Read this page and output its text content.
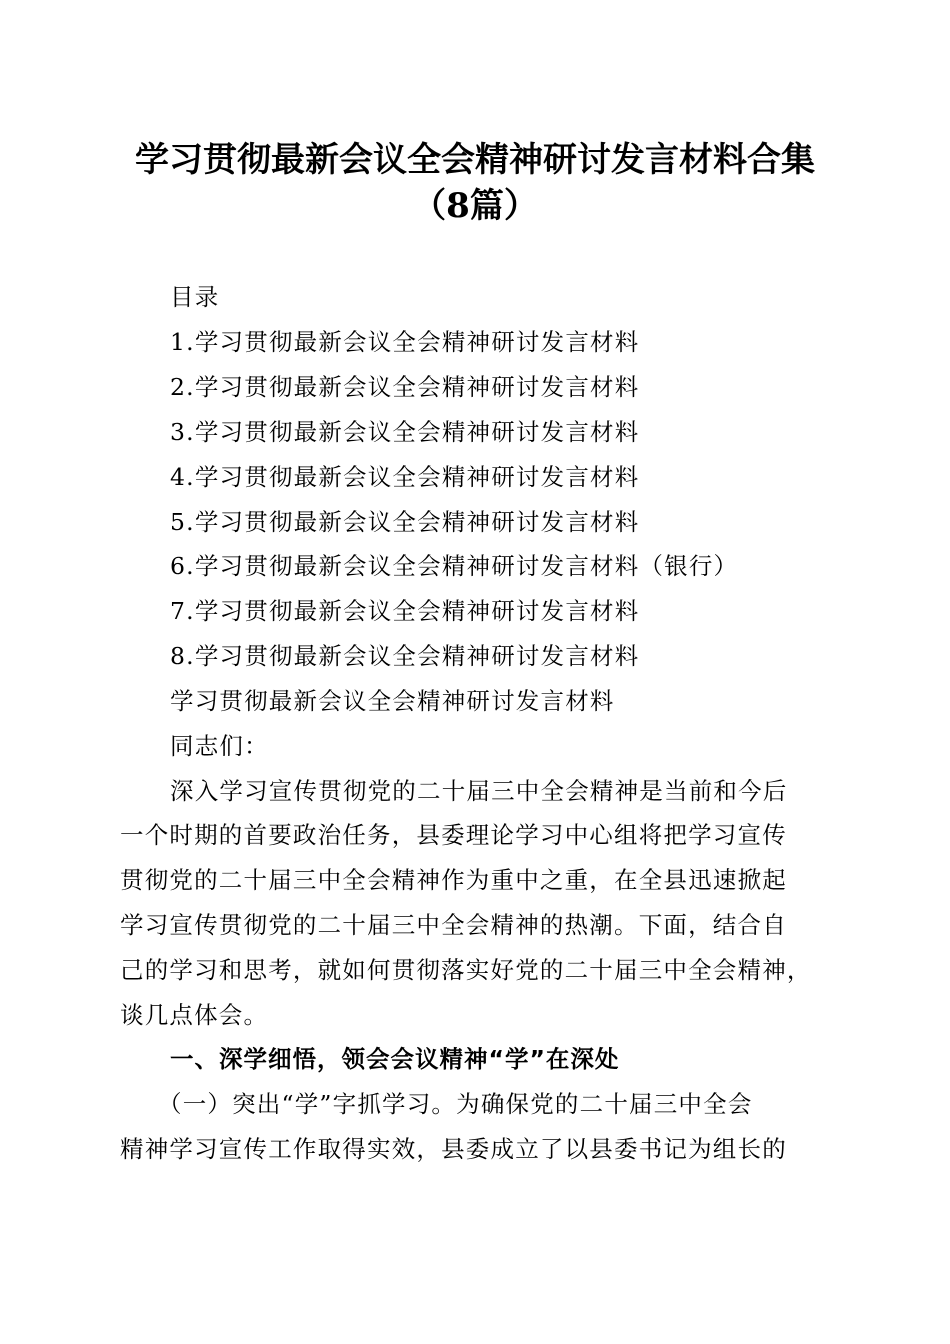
学习贯彻最新会议全会精神研讨发言材料合集
（8篇）
目录
1.学习贯彻最新会议全会精神研讨发言材料
2.学习贯彻最新会议全会精神研讨发言材料
3.学习贯彻最新会议全会精神研讨发言材料
4.学习贯彻最新会议全会精神研讨发言材料
5.学习贯彻最新会议全会精神研讨发言材料
6.学习贯彻最新会议全会精神研讨发言材料（银行）
7.学习贯彻最新会议全会精神研讨发言材料
8.学习贯彻最新会议全会精神研讨发言材料
学习贯彻最新会议全会精神研讨发言材料
同志们：
深入学习宣传贯彻党的二十届三中全会精神是当前和今后
一个时期的首要政治任务，县委理论学习中心组将把学习宣传
贯彻党的二十届三中全会精神作为重中之重，在全县迅速掀起
学习宣传贯彻党的二十届三中全会精神的热潮。下面，结合自
己的学习和思考，就如何贯彻落实好党的二十届三中全会精神，
谈几点体会。
一、深学细悟，领会会议精神“学”在深处
（一）突出“学”字抓学习。为确保党的二十届三中全会
精神学习宣传工作取得实效，县委成立了以县委书记为组长的
